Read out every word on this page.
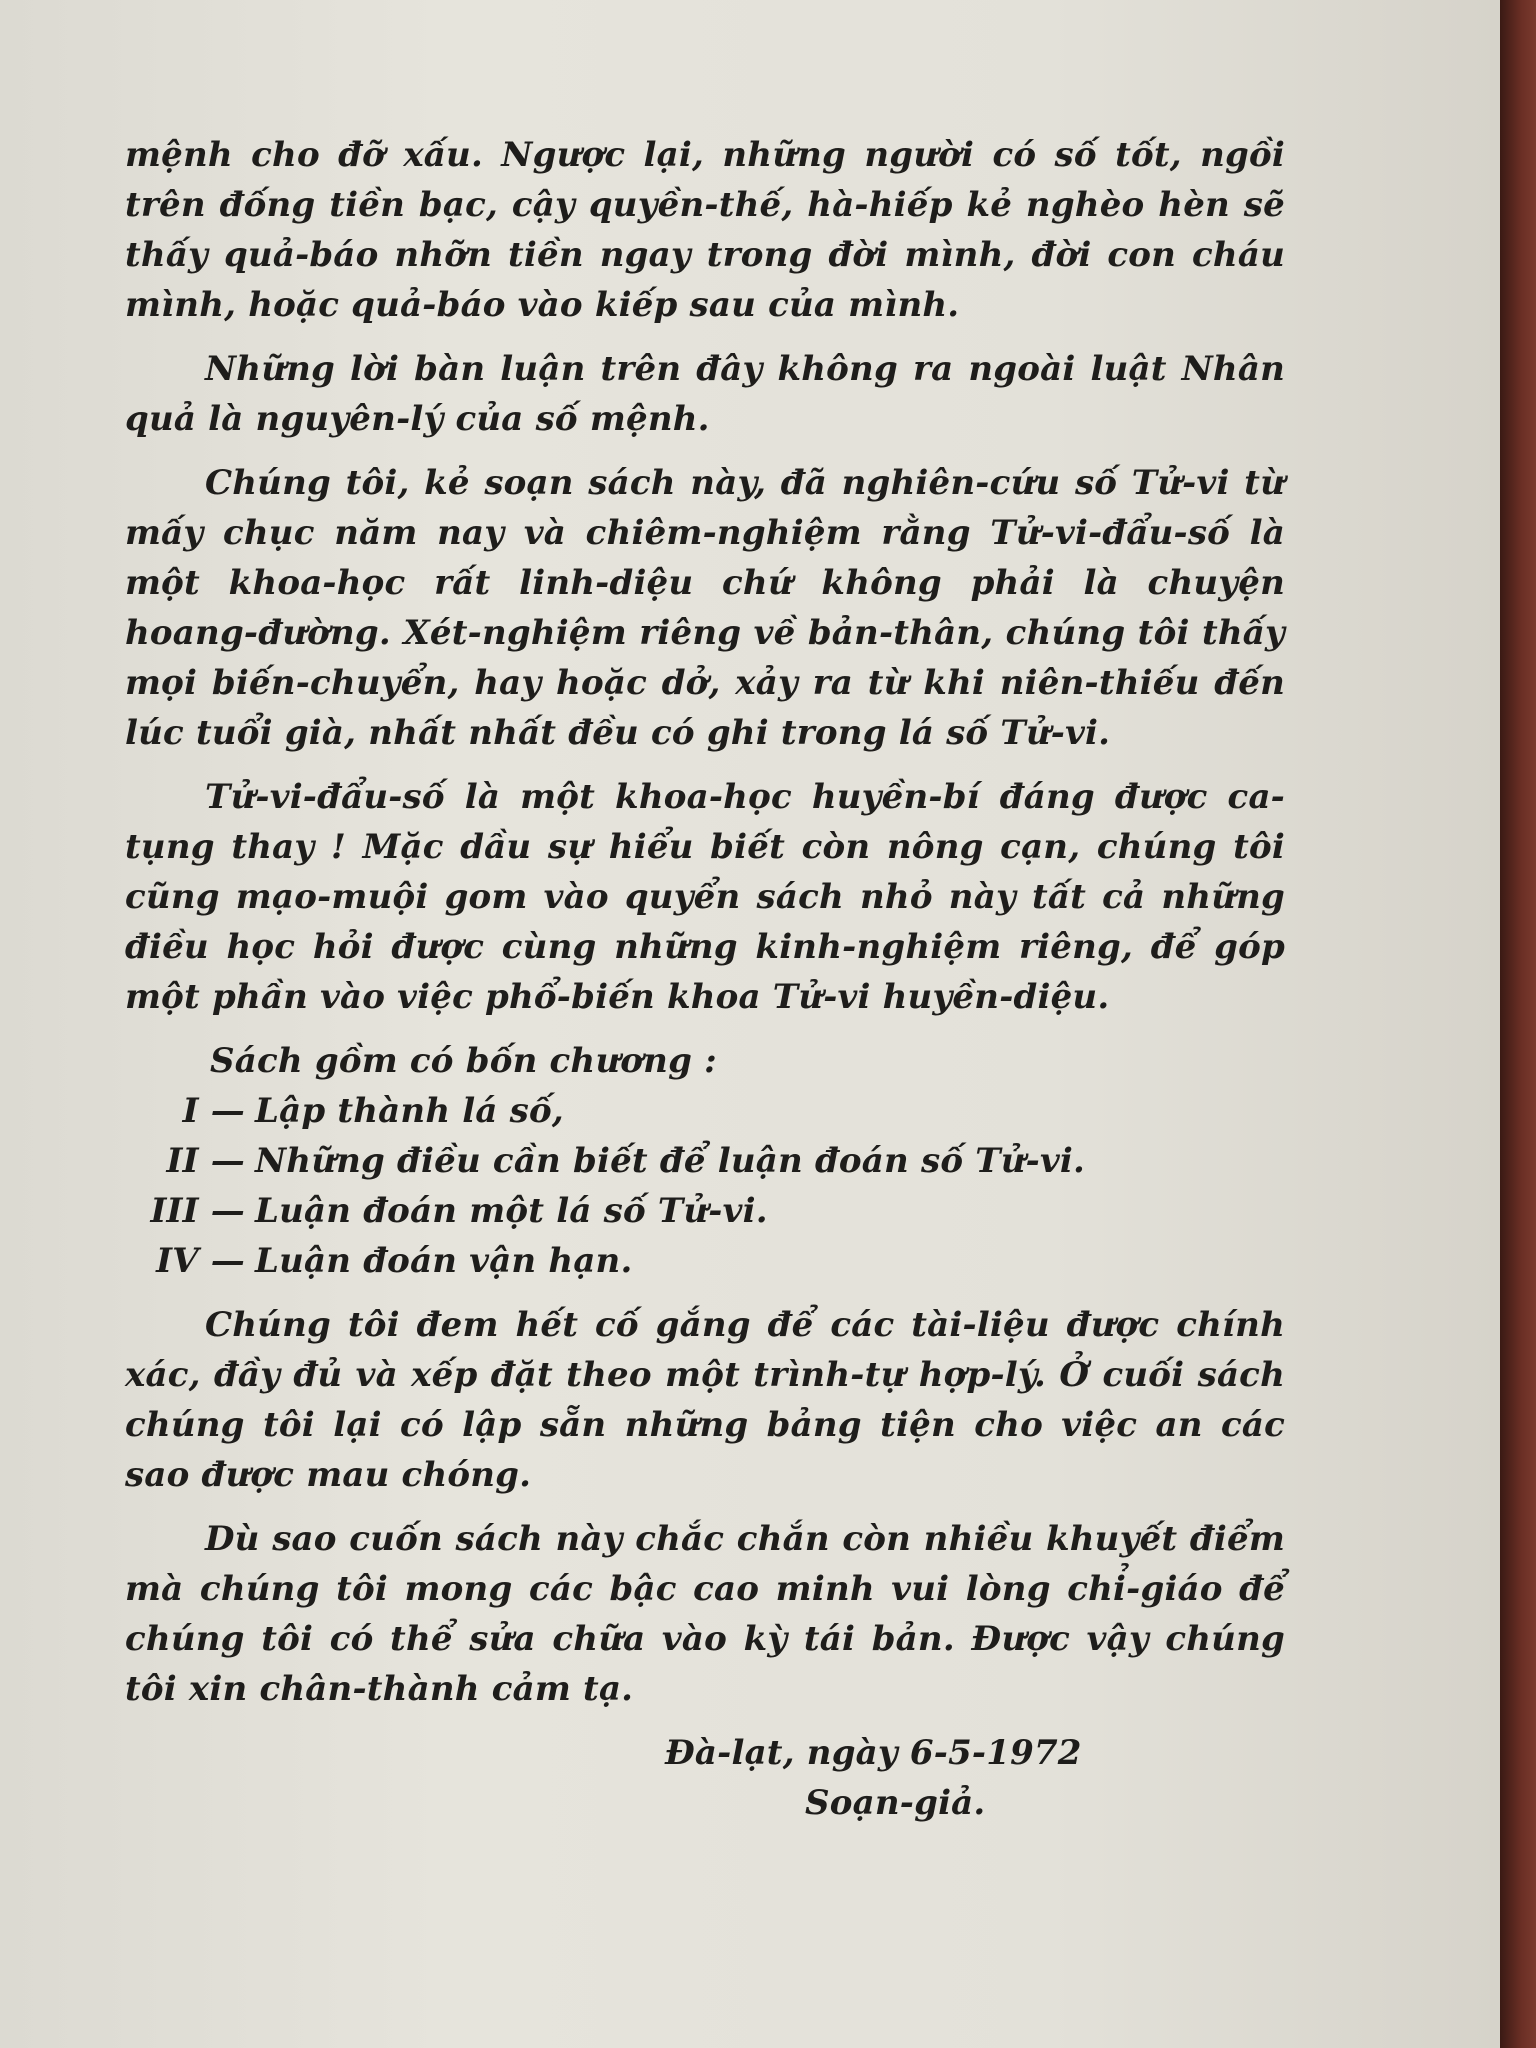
mệnh cho đỡ xấu. Ngược lại, những người có số tốt, ngồi trên đống tiền bạc, cậy quyền-thế, hà-hiếp kẻ nghèo hèn sẽ thấy quả-báo nhỡn tiền ngay trong đời mình, đời con cháu mình, hoặc quả-báo vào kiếp sau của mình.

Những lời bàn luận trên đây không ra ngoài luật Nhân quả là nguyên-lý của số mệnh.

Chúng tôi, kẻ soạn sách này, đã nghiên-cứu số Tử-vi từ mấy chục năm nay và chiêm-nghiệm rằng Tử-vi-đẩu-số là một khoa-học rất linh-diệu chứ không phải là chuyện hoang-đường. Xét-nghiệm riêng về bản-thân, chúng tôi thấy mọi biến-chuyển, hay hoặc dở, xảy ra từ khi niên-thiếu đến lúc tuổi già, nhất nhất đều có ghi trong lá số Tử-vi.

Tử-vi-đẩu-số là một khoa-học huyền-bí đáng được ca-tụng thay ! Mặc dầu sự hiểu biết còn nông cạn, chúng tôi cũng mạo-muội gom vào quyển sách nhỏ này tất cả những điều học hỏi được cùng những kinh-nghiệm riêng, để góp một phần vào việc phổ-biến khoa Tử-vi huyền-diệu.

Sách gồm có bốn chương :

I — Lập thành lá số,

II — Những điều cần biết để luận đoán số Tử-vi.

III — Luận đoán một lá số Tử-vi.

IV — Luận đoán vận hạn.

Chúng tôi đem hết cố gắng để các tài-liệu được chính xác, đầy đủ và xếp đặt theo một trình-tự hợp-lý. Ở cuối sách chúng tôi lại có lập sẵn những bảng tiện cho việc an các sao được mau chóng.

Dù sao cuốn sách này chắc chắn còn nhiều khuyết điểm mà chúng tôi mong các bậc cao minh vui lòng chỉ-giáo để chúng tôi có thể sửa chữa vào kỳ tái bản. Được vậy chúng tôi xin chân-thành cảm tạ.

Đà-lạt, ngày 6-5-1972

Soạn-giả.
